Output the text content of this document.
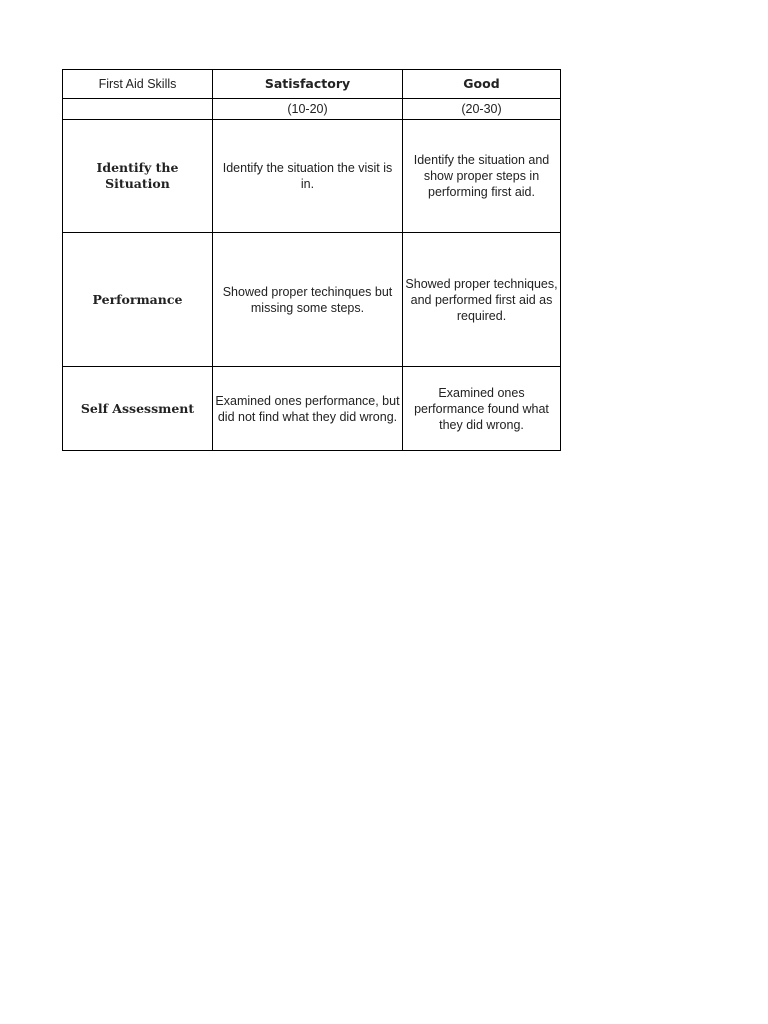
First Aid Skills	Satisfactory	Good
	(10-20)	(20-30)
Identify the Situation	Identify the situation the visit is in.	Identify the situation and show proper steps in performing first aid.
Performance	Showed proper techinques but missing some steps.	Showed proper techniques, and performed first aid as required.
Self Assessment	Examined ones performance, but did not find what they did wrong.	Examined ones performance found what they did wrong.
